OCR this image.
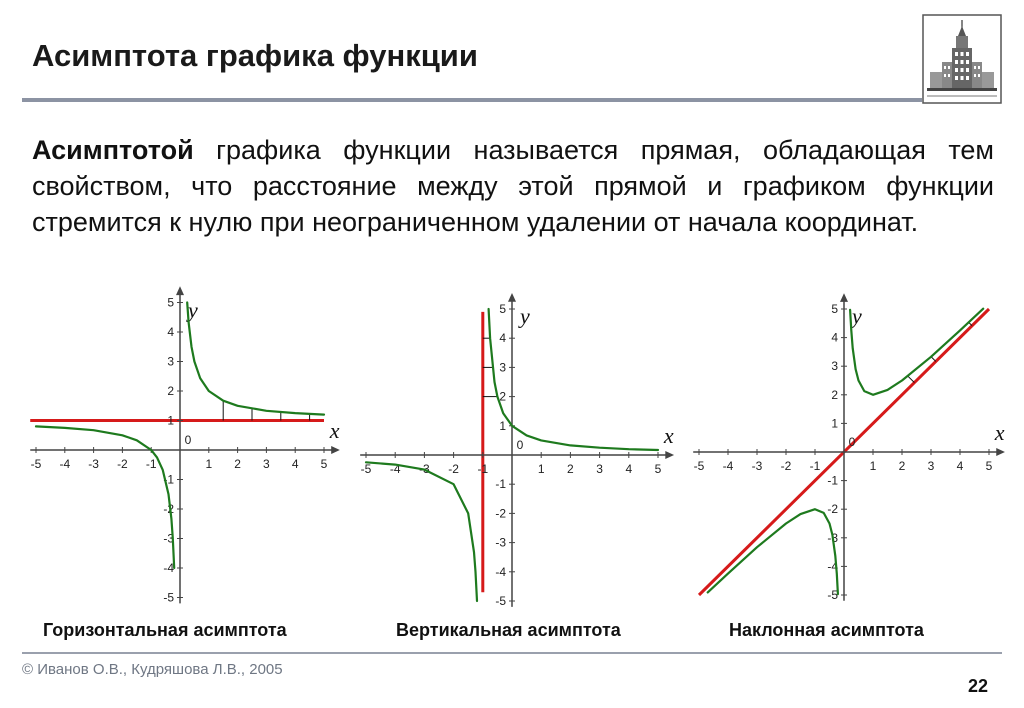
Асимптота графика функции

Асимптотой графика функции называется прямая, обладающая тем свойством, что расстояние между этой прямой и графиком функции стремится к нулю при неограниченном удалении от начала координат.

-5 -4 -3 -2 -1	1 2 3 4 5
-5
-4
-3
-2
-1
1
2
3
4
5
0	x
y
-5 -4 -3 -2 -1	1 2 3 4 5
-5
-4
-3
-2
-1
1
2
3
4
5
0	x
y
-5 -4 -3 -2 -1	1 2 3 4 5
-5
-4
-3
-2
-1
1
2
3
4
5
0	x
y
Горизонтальная асимптота	Вертикальная асимптота	Наклонная асимптота
© Иванов О.В., Кудряшова Л.В., 2005
22
